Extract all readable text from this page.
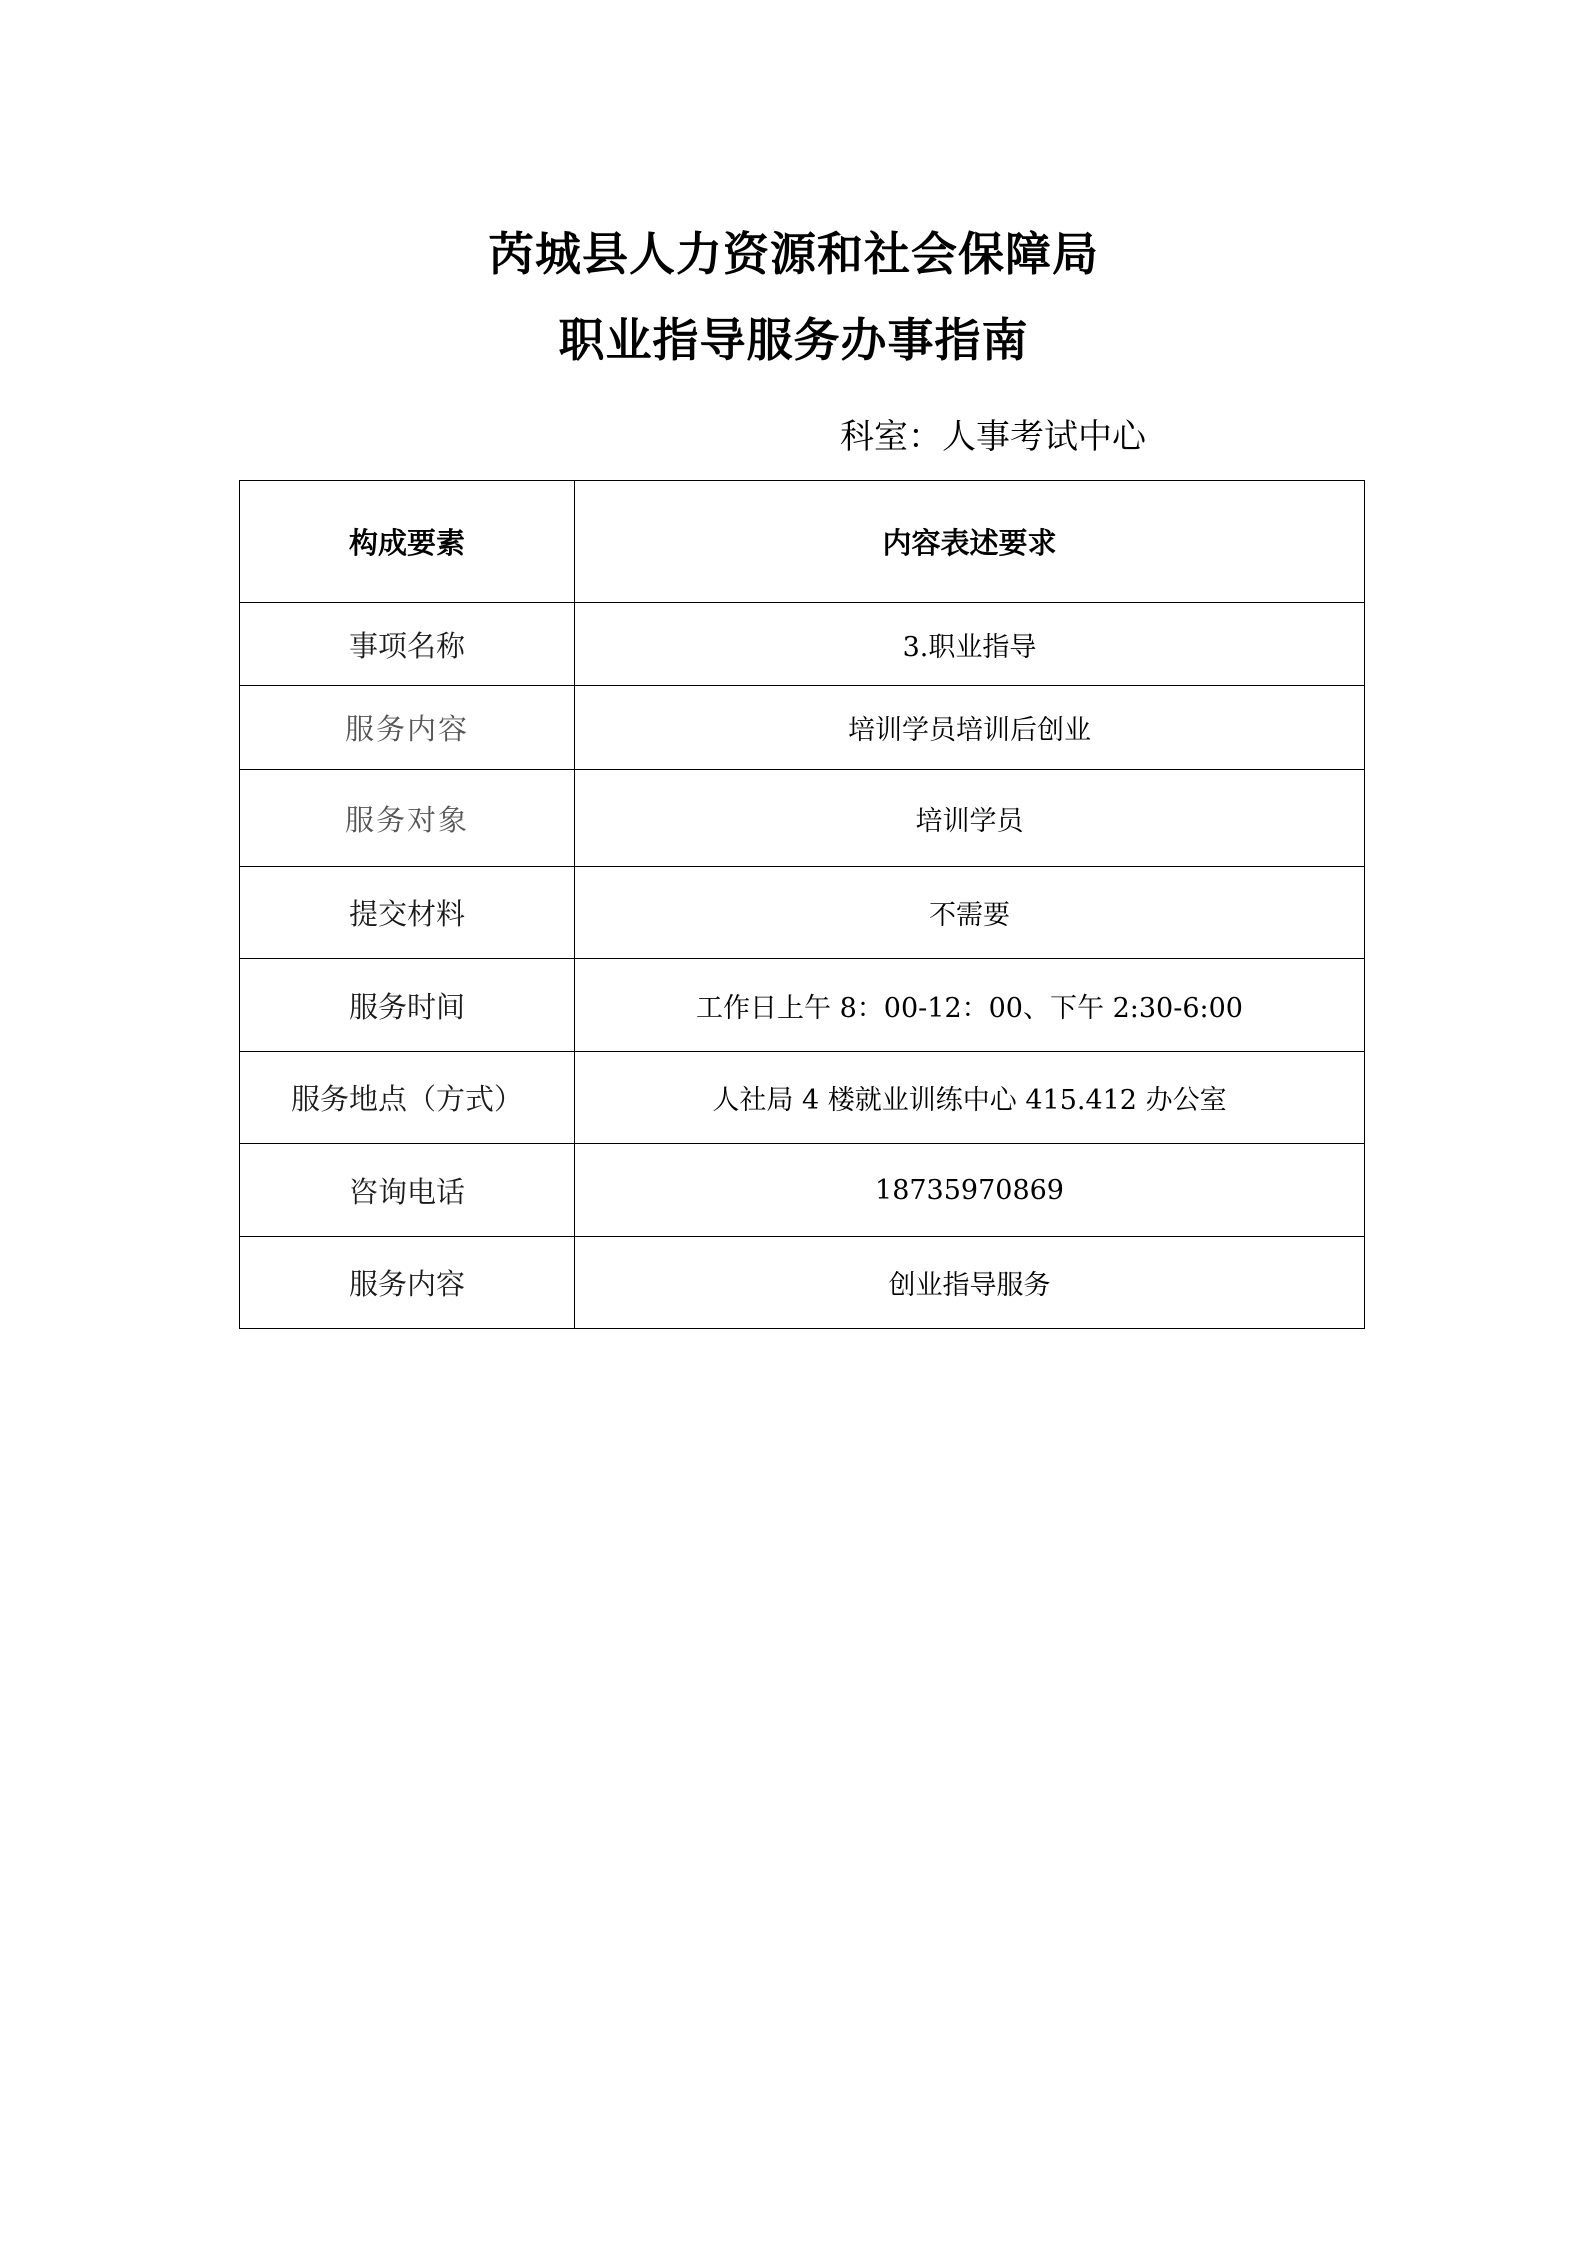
芮城县人力资源和社会保障局
职业指导服务办事指南
科室：人事考试中心
构成要素	内容表述要求
事项名称	3.职业指导
服务内容	培训学员培训后创业
服务对象	培训学员
提交材料	不需要
服务时间	工作日上午 8：00-12：00、下午 2:30-6:00
服务地点（方式）	人社局 4 楼就业训练中心 415.412 办公室
咨询电话	18735970869
服务内容	创业指导服务
